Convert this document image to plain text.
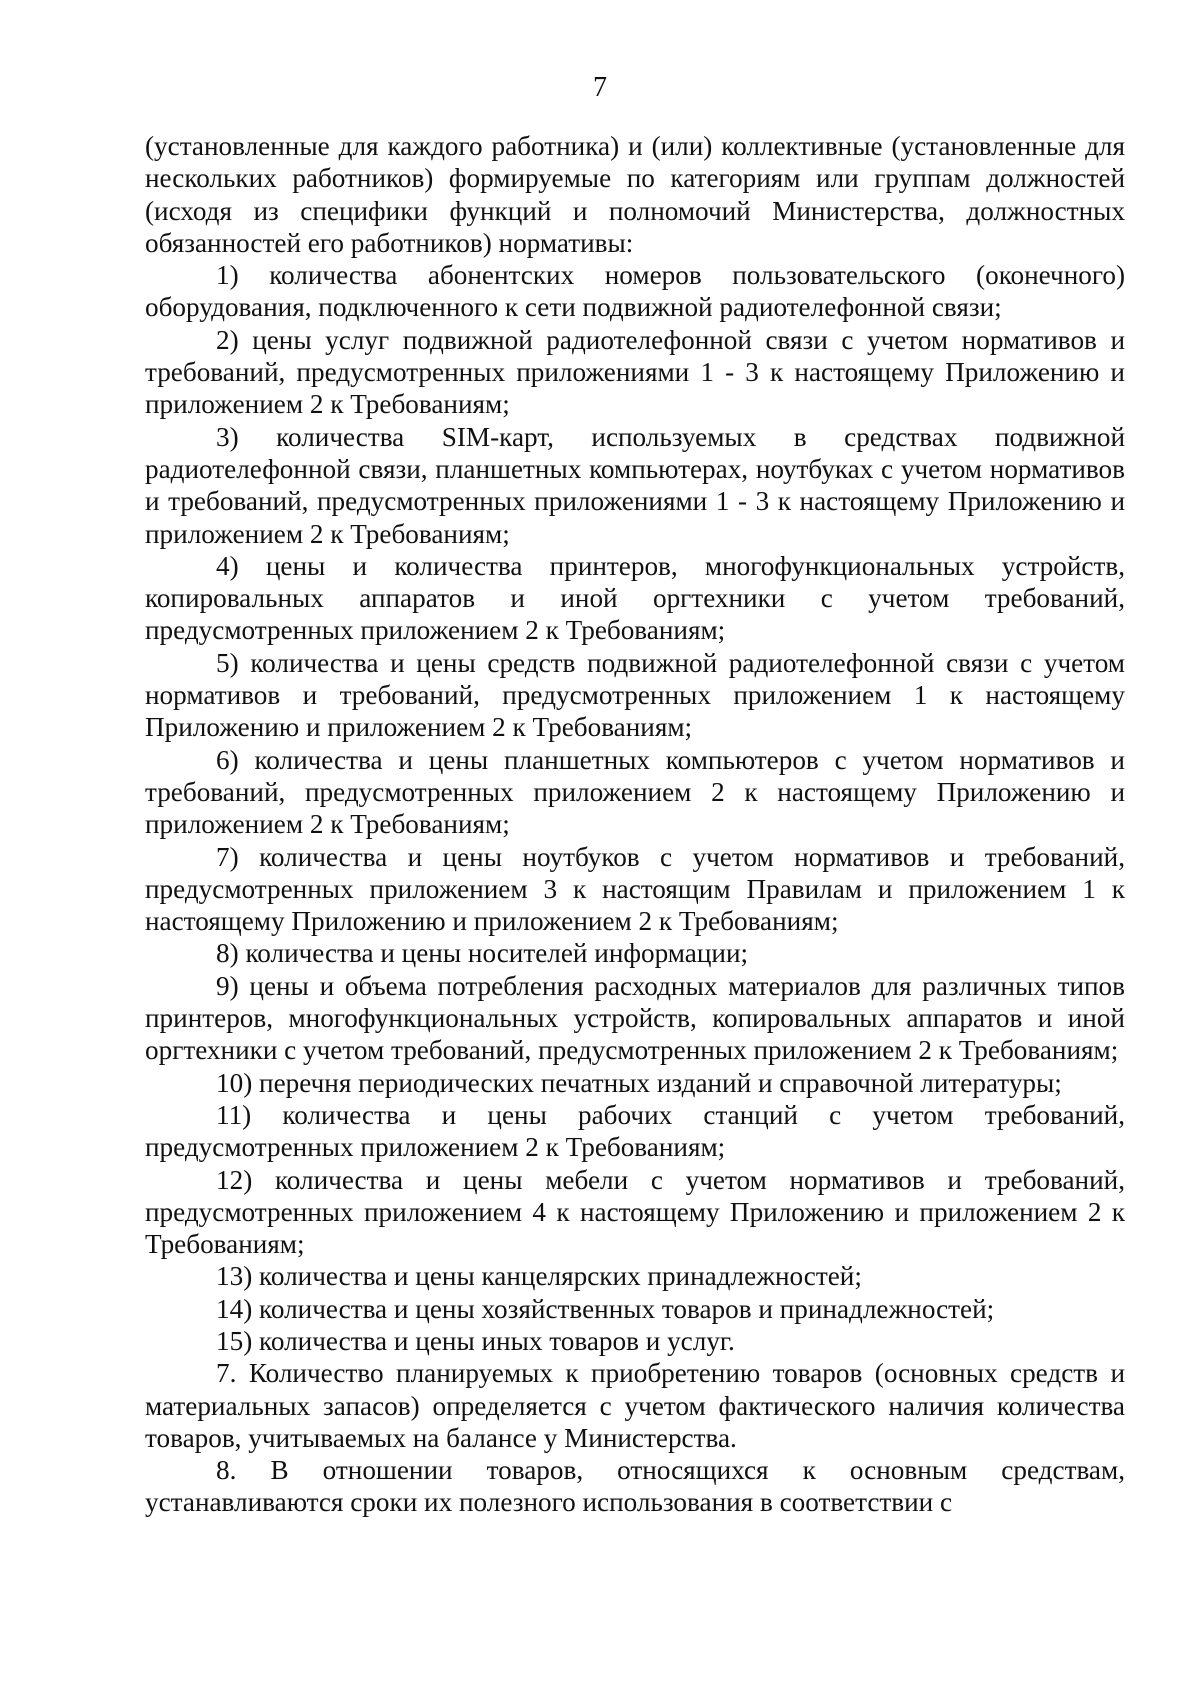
7

(установленные для каждого работника) и (или) коллективные (установленные для нескольких работников) формируемые по категориям или группам должностей (исходя из специфики функций и полномочий Министерства, должностных обязанностей его работников) нормативы:

1) количества абонентских номеров пользовательского (оконечного) оборудования, подключенного к сети подвижной радиотелефонной связи;

2) цены услуг подвижной радиотелефонной связи с учетом нормативов и требований, предусмотренных приложениями 1 - 3 к настоящему Приложению и приложением 2 к Требованиям;

3) количества SIM-карт, используемых в средствах подвижной радиотелефонной связи, планшетных компьютерах, ноутбуках с учетом нормативов и требований, предусмотренных приложениями 1 - 3 к настоящему Приложению и приложением 2 к Требованиям;

4) цены и количества принтеров, многофункциональных устройств, копировальных аппаратов и иной оргтехники с учетом требований, предусмотренных приложением 2 к Требованиям;

5) количества и цены средств подвижной радиотелефонной связи с учетом нормативов и требований, предусмотренных приложением 1 к настоящему Приложению и приложением 2 к Требованиям;

6) количества и цены планшетных компьютеров с учетом нормативов и требований, предусмотренных приложением 2 к настоящему Приложению и приложением 2 к Требованиям;

7) количества и цены ноутбуков с учетом нормативов и требований, предусмотренных приложением 3 к настоящим Правилам и приложением 1 к настоящему Приложению и приложением 2 к Требованиям;

8) количества и цены носителей информации;

9) цены и объема потребления расходных материалов для различных типов принтеров, многофункциональных устройств, копировальных аппаратов и иной оргтехники с учетом требований, предусмотренных приложением 2 к Требованиям;

10) перечня периодических печатных изданий и справочной литературы;

11) количества и цены рабочих станций с учетом требований, предусмотренных приложением 2 к Требованиям;

12) количества и цены мебели с учетом нормативов и требований, предусмотренных приложением 4 к настоящему Приложению и приложением 2 к Требованиям;

13) количества и цены канцелярских принадлежностей;

14) количества и цены хозяйственных товаров и принадлежностей;

15) количества и цены иных товаров и услуг.

7. Количество планируемых к приобретению товаров (основных средств и материальных запасов) определяется с учетом фактического наличия количества товаров, учитываемых на балансе у Министерства.

8. В отношении товаров, относящихся к основным средствам, устанавливаются сроки их полезного использования в соответствии с
